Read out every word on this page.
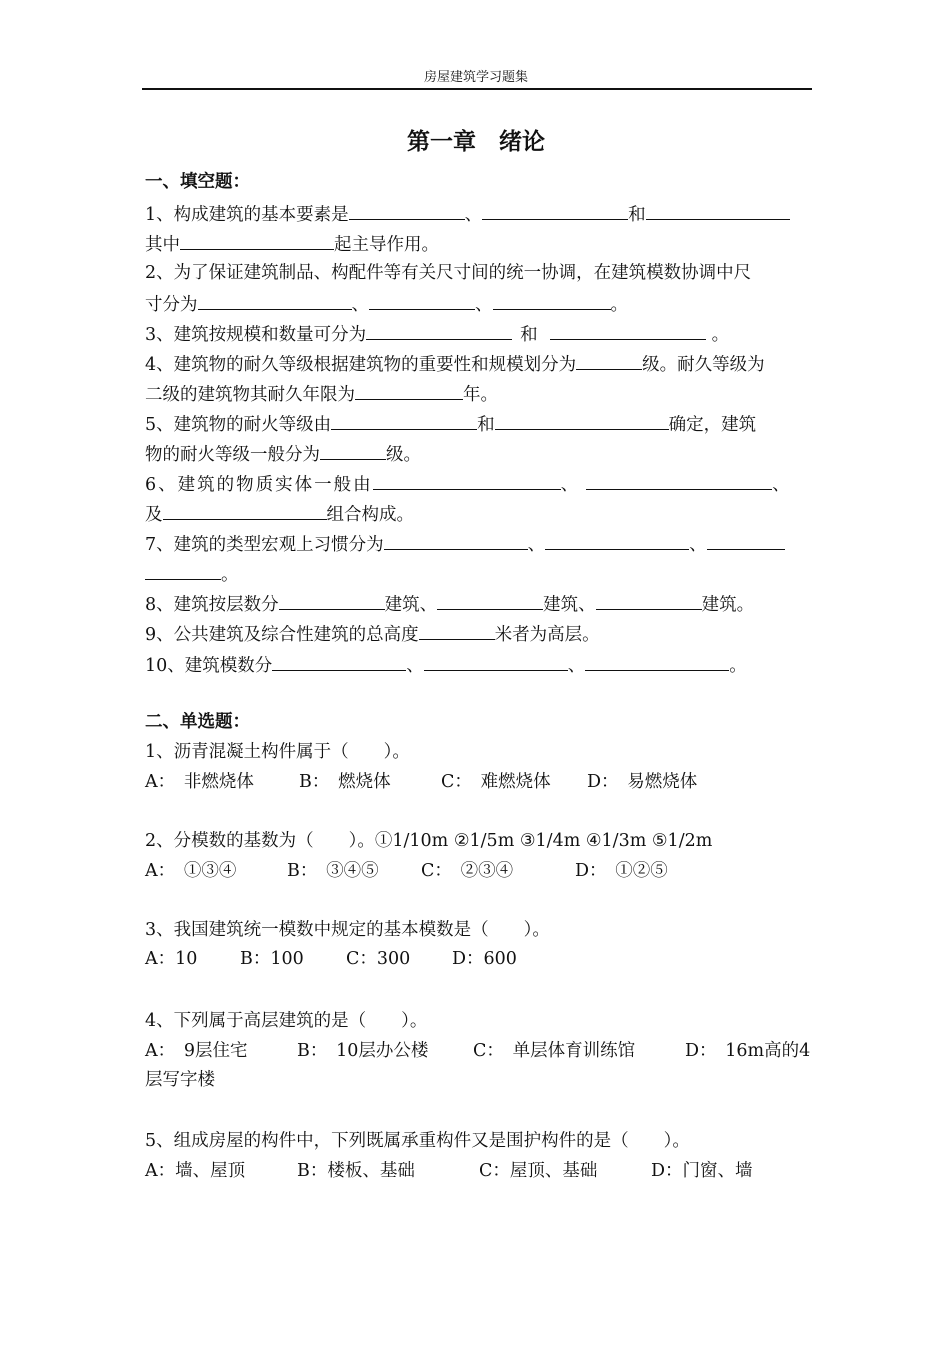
房屋建筑学习题集
第一章　绪论
一、填空题：
1、构成建筑的基本要素是	、	和
其中	起主导作用。
2、为了保证建筑制品、构配件等有关尺寸间的统一协调，在建筑模数协调中尺
寸分为	、	、	。
3、建筑按规模和数量可分为	和	。
4、建筑物的耐久等级根据建筑物的重要性和规模划分为	级。耐久等级为
二级的建筑物其耐久年限为	年。
5、建筑物的耐火等级由	和	确定，建筑
物的耐火等级一般分为	级。
6、建筑的物质实体一般由	、	、
及	组合构成。
7、建筑的类型宏观上习惯分为	、	、
。
8、建筑按层数分	建筑、	建筑、	建筑。
9、公共建筑及综合性建筑的总高度	米者为高层。
10、建筑模数分	、	、	。
二、单选题：
1、沥青混凝土构件属于（　　）。
A：　非燃烧体	B：　燃烧体	C：　难燃烧体 D：　易燃烧体
2、分模数的基数为（　　）。①1/10m ②1/5m ③1/4m ④1/3m ⑤1/2m
A：　①③④	B：　③④⑤ C：　②③④	D：　①②⑤
3、我国建筑统一模数中规定的基本模数是（　　）。
A：10 B：100 C：300 D：600
4、下列属于高层建筑的是（　　）。
A：　9层住宅	B：　10层办公楼	C：　单层体育训练馆	D：　16m高的4
层写字楼
5、组成房屋的构件中，下列既属承重构件又是围护构件的是（　　）。
A：墙、屋顶	B：楼板、基础	C：屋顶、基础	D：门窗、墙
